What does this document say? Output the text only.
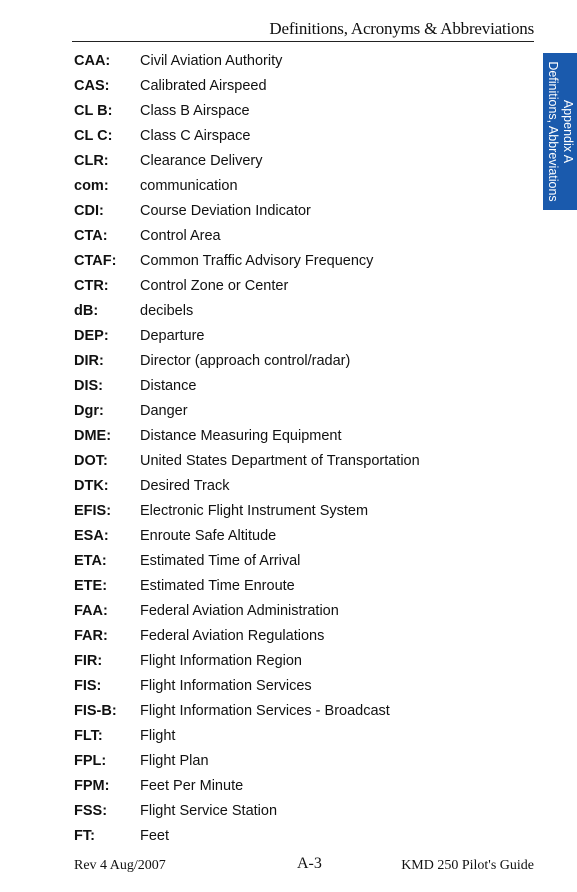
Definitions, Acronyms & Abbreviations
Appendix A
Definitions, Abbreviations
CAA:	Civil Aviation Authority
CAS:	Calibrated Airspeed
CL B:	Class B Airspace
CL C:	Class C Airspace
CLR:	Clearance Delivery
com:	communication
CDI:	Course Deviation Indicator
CTA:	Control Area
CTAF:	Common Traffic Advisory Frequency
CTR:	Control Zone or Center
dB:	decibels
DEP:	Departure
DIR:	Director (approach control/radar)
DIS:	Distance
Dgr:	Danger
DME:	Distance Measuring Equipment
DOT:	United States Department of Transportation
DTK:	Desired Track
EFIS:	Electronic Flight Instrument System
ESA:	Enroute Safe Altitude
ETA:	Estimated Time of Arrival
ETE:	Estimated Time Enroute
FAA:	Federal Aviation Administration
FAR:	Federal Aviation Regulations
FIR:	Flight Information Region
FIS:	Flight Information Services
FIS-B:	Flight Information Services - Broadcast
FLT:	Flight
FPL:	Flight Plan
FPM:	Feet Per Minute
FSS:	Flight Service Station
FT:	Feet
Rev 4 Aug/2007	A-3	KMD 250 Pilot's Guide
